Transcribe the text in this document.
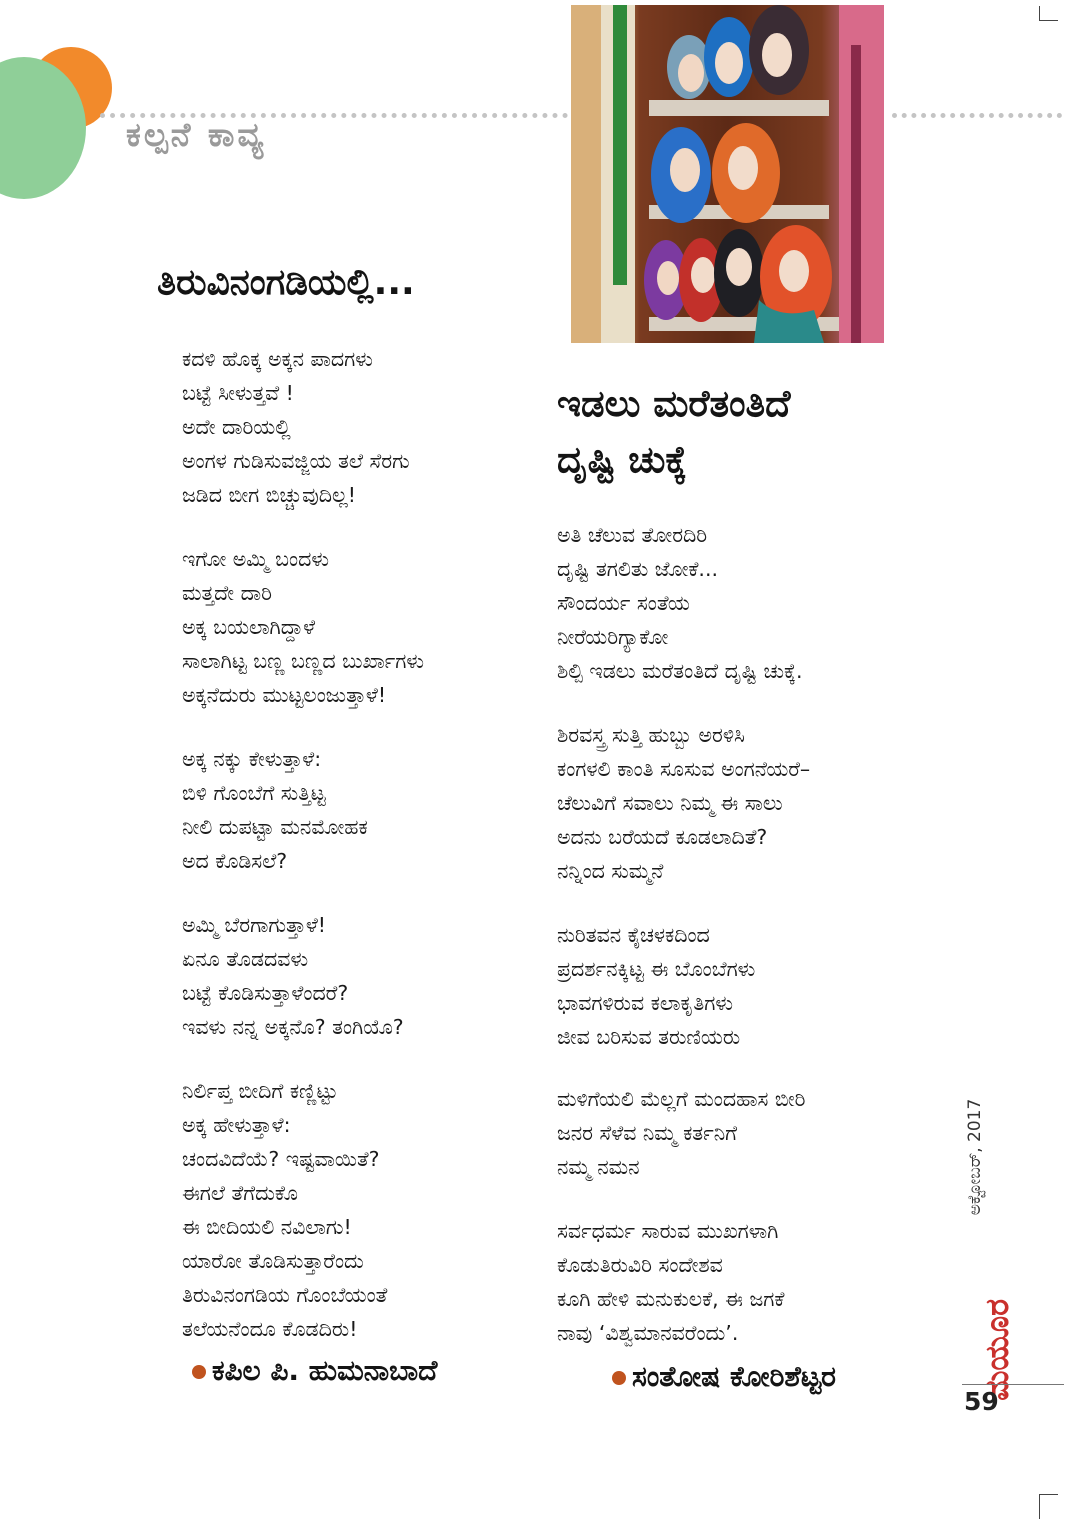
ಕಲ್ಪನೆ ಕಾವ್ಯ
ತಿರುವಿನಂಗಡಿಯಲ್ಲಿ...
ಕದಳಿ ಹೊಕ್ಕ ಅಕ್ಕನ ಪಾದಗಳು
ಬಟ್ಟೆ ಸೀಳುತ್ತವೆ !
ಅದೇ ದಾರಿಯಲ್ಲಿ
ಅಂಗಳ ಗುಡಿಸುವಜ್ಜಿಯ ತಲೆ ಸೆರಗು
ಜಡಿದ ಬೀಗ ಬಿಚ್ಚುವುದಿಲ್ಲ!
ಇಗೋ ಅಮ್ಮಿ ಬಂದಳು
ಮತ್ತದೇ ದಾರಿ
ಅಕ್ಕ ಬಯಲಾಗಿದ್ದಾಳೆ
ಸಾಲಾಗಿಟ್ಟ ಬಣ್ಣ ಬಣ್ಣದ ಬುರ್ಖಾಗಳು
ಅಕ್ಕನೆದುರು ಮುಟ್ಟಲಂಜುತ್ತಾಳೆ!
ಅಕ್ಕ ನಕ್ಕು ಕೇಳುತ್ತಾಳೆ:
ಬಿಳಿ ಗೊಂಬೆಗೆ ಸುತ್ತಿಟ್ಟ
ನೀಲಿ ದುಪಟ್ಟಾ ಮನಮೋಹಕ
ಅದ ಕೊಡಿಸಲೆ?
ಅಮ್ಮಿ ಬೆರಗಾಗುತ್ತಾಳೆ!
ಏನೂ ತೊಡದವಳು
ಬಟ್ಟೆ ಕೊಡಿಸುತ್ತಾಳೆಂದರೆ?
ಇವಳು ನನ್ನ ಅಕ್ಕನೊ? ತಂಗಿಯೊ?
ನಿರ್ಲಿಪ್ತ ಬೀದಿಗೆ ಕಣ್ಣಿಟ್ಟು
ಅಕ್ಕ ಹೇಳುತ್ತಾಳೆ:
ಚಂದವಿದೆಯೆ? ಇಷ್ಟವಾಯಿತೆ?
ಈಗಲೆ ತೆಗೆದುಕೊ
ಈ ಬೀದಿಯಲಿ ನವಿಲಾಗು!
ಯಾರೋ ತೊಡಿಸುತ್ತಾರೆಂದು
ತಿರುವಿನಂಗಡಿಯ ಗೊಂಬೆಯಂತೆ
ತಲೆಯನೆಂದೂ ಕೊಡದಿರು!
ಕಪಿಲ ಪಿ. ಹುಮನಾಬಾದೆ
ಇಡಲು ಮರೆತಂತಿದೆ
ದೃಷ್ಟಿ ಚುಕ್ಕೆ
ಅತಿ ಚೆಲುವ ತೋರದಿರಿ
ದೃಷ್ಟಿ ತಗಲಿತು ಜೋಕೆ...
ಸೌಂದರ್ಯ ಸಂತೆಯ
ನೀರೆಯರಿಗ್ಯಾಕೋ
ಶಿಲ್ಪಿ ಇಡಲು ಮರೆತಂತಿದೆ ದೃಷ್ಟಿ ಚುಕ್ಕೆ.
ಶಿರವಸ್ತ್ರ ಸುತ್ತಿ ಹುಬ್ಬು ಅರಳಿಸಿ
ಕಂಗಳಲಿ ಕಾಂತಿ ಸೂಸುವ ಅಂಗನೆಯರೆ–
ಚೆಲುವಿಗೆ ಸವಾಲು ನಿಮ್ಮ ಈ ಸಾಲು
ಅದನು ಬರೆಯದೆ ಕೂಡಲಾದಿತೆ?
ನನ್ನಿಂದ ಸುಮ್ಮನೆ
ನುರಿತವನ ಕೈಚಳಕದಿಂದ
ಪ್ರದರ್ಶನಕ್ಕಿಟ್ಟ ಈ ಬೊಂಬೆಗಳು
ಭಾವಗಳಿರುವ ಕಲಾಕೃತಿಗಳು
ಜೀವ ಬರಿಸುವ ತರುಣಿಯರು
ಮಳಿಗೆಯಲಿ ಮೆಲ್ಲಗೆ ಮಂದಹಾಸ ಬೀರಿ
ಜನರ ಸೆಳೆವ ನಿಮ್ಮ ಕರ್ತನಿಗೆ
ನಮ್ಮ ನಮನ
ಸರ್ವಧರ್ಮ ಸಾರುವ ಮುಖಗಳಾಗಿ
ಕೊಡುತಿರುವಿರಿ ಸಂದೇಶವ
ಕೂಗಿ ಹೇಳಿ ಮನುಕುಲಕೆ, ಈ ಜಗಕೆ
ನಾವು ‘ವಿಶ್ವಮಾನವರೆಂದು’.
ಸಂತೋಷ ಕೋರಿಶೆಟ್ಟರ	ಮಯೂರ
ಅಕ್ಟೋಬರ್, 2017
59
